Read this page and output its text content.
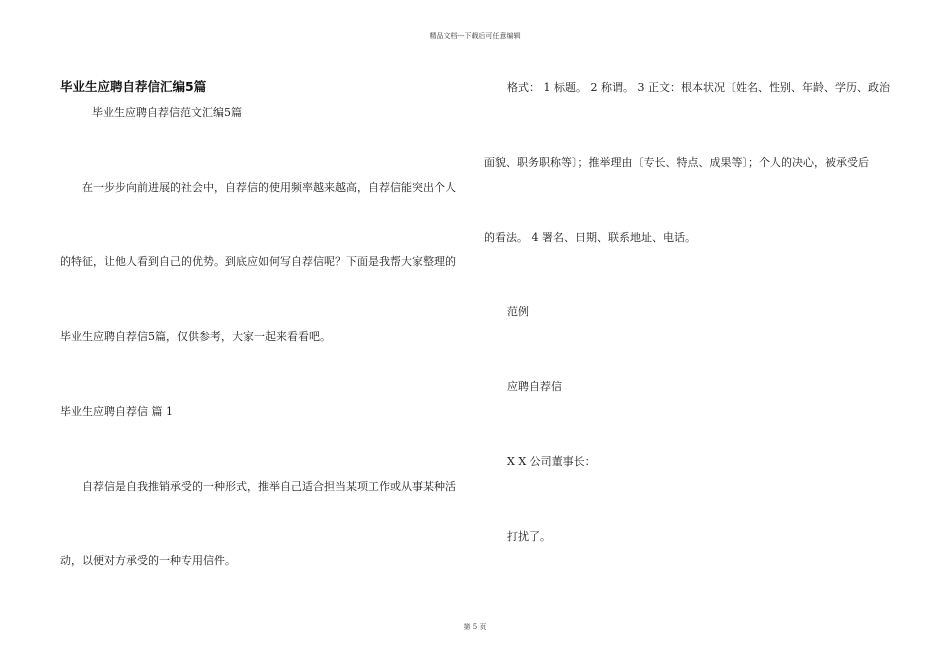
精品文档---下载后可任意编辑
毕业生应聘自荐信汇编5篇
毕业生应聘自荐信范文汇编5篇
在一步步向前进展的社会中，自荐信的使用频率越来越高，自荐信能突出个人
的特征，让他人看到自己的优势。到底应如何写自荐信呢？下面是我帮大家整理的
毕业生应聘自荐信5篇，仅供参考，大家一起来看看吧。
毕业生应聘自荐信 篇 1
自荐信是自我推销承受的一种形式，推举自己适合担当某项工作或从事某种活
动，以便对方承受的一种专用信件。
格式： 1 标题。 2 称谓。 3 正文：根本状况〔姓名、性别、年龄、学历、政治
面貌、职务职称等〕；推举理由〔专长、特点、成果等〕；个人的决心，被承受后
的看法。 4 署名、日期、联系地址、电话。
范例
应聘自荐信
X X 公司董事长：
打扰了。
第 5 页
